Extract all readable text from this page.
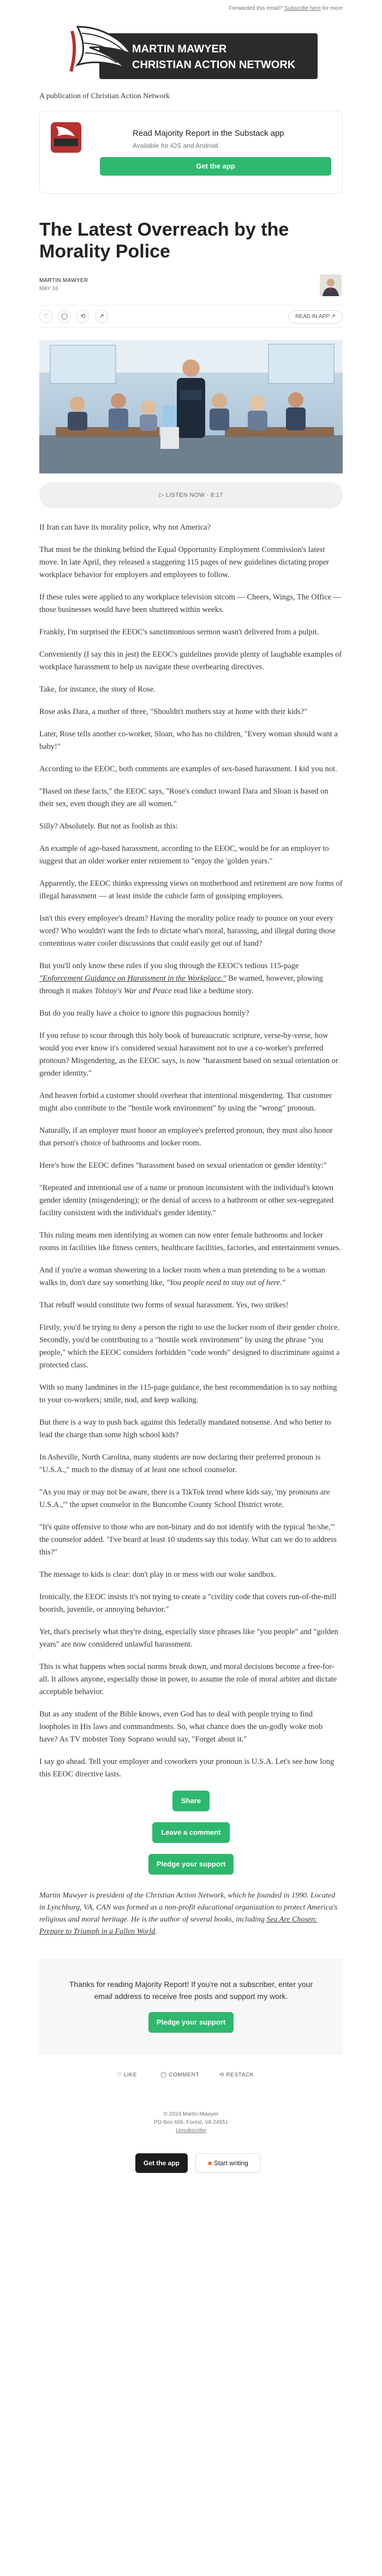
Forwarded this email? Subscribe here for more
MARTIN MAWYER
CHRISTIAN ACTION NETWORK
A publication of Christian Action Network
Read Majority Report in the Substack app
Available for iOS and Android
Get the app
The Latest Overreach by the Morality Police
MARTIN MAWYER
MAY 16
♡	◯	⟲	↗	READ IN APP ↗
▷ LISTEN NOW · 8:17

If Iran can have its morality police, why not America?

That must be the thinking behind the Equal Opportunity Employment Commission's latest move. In late April, they released a staggering 115 pages of new guidelines dictating proper workplace behavior for employers and employees to follow.

If these rules were applied to any workplace television sitcom — Cheers, Wings, The Office —those businesses would have been shuttered within weeks.

Frankly, I'm surprised the EEOC's sanctimonious sermon wasn't delivered from a pulpit.

Conveniently (I say this in jest) the EEOC's guidelines provide plenty of laughable examples of workplace harassment to help us navigate these overbearing directives.

Take, for instance, the story of Rose.

Rose asks Dara, a mother of three, "Shouldn't mothers stay at home with their kids?"

Later, Rose tells another co-worker, Sloan, who has no children, "Every woman should want a baby!"

According to the EEOC, both comments are examples of sex-based harassment. I kid you not.

"Based on these facts," the EEOC says, "Rose's conduct toward Dara and Sloan is based on their sex, even though they are all women."

Silly? Absolutely. But not as foolish as this:

An example of age-based harassment, according to the EEOC, would be for an employer to suggest that an older worker enter retirement to "enjoy the 'golden years."

Apparently, the EEOC thinks expressing views on motherhood and retirement are now forms of illegal harassment — at least inside the cubicle farm of gossiping employees.

Isn't this every employee's dream? Having the morality police ready to pounce on your every word? Who wouldn't want the feds to dictate what's moral, harassing, and illegal during those contentious water cooler discussions that could easily get out of hand?

But you'll only know these rules if you slog through the EEOC's tedious 115-page "Enforcement Guidance on Harassment in the Workplace." Be warned, however, plowing through it makes Tolstoy's War and Peace read like a bedtime story.

But do you really have a choice to ignore this pugnacious homily?

If you refuse to scour through this holy book of bureaucratic scripture, verse-by-verse, how would you ever know it's considered sexual harassment not to use a co-worker's preferred pronoun? Misgendering, as the EEOC says, is now "harassment based on sexual orientation or gender identity."

And heaven forbid a customer should overhear that intentional misgendering. That customer might also contribute to the "hostile work environment" by using the "wrong" pronoun.

Naturally, if an employer must honor an employee's preferred pronoun, they must also honor that person's choice of bathrooms and locker room.

Here's how the EEOC defines "harassment based on sexual orientation or gender identity:"

"Repeated and intentional use of a name or pronoun inconsistent with the individual's known gender identity (misgendering); or the denial of access to a bathroom or other sex-segregated facility consistent with the individual's gender identity."

This ruling means men identifying as women can now enter female bathrooms and locker rooms in facilities like fitness centers, healthcare facilities, factories, and entertainment venues.

And if you're a woman showering in a locker room when a man pretending to be a woman walks in, don't dare say something like, "You people need to stay out of here."

That rebuff would constitute two forms of sexual harassment. Yes, two strikes!

Firstly, you'd be trying to deny a person the right to use the locker room of their gender choice. Secondly, you'd be contributing to a "hostile work environment" by using the phrase "you people," which the EEOC considers forbidden "code words" designed to discriminate against a protected class.

With so many landmines in the 115-page guidance, the best recommendation is to say nothing to your co-workers; smile, nod, and keep walking.

But there is a way to push back against this federally mandated nonsense. And who better to lead the charge than some high school kids?

In Asheville, North Carolina, many students are now declaring their preferred pronoun is "U.S.A.," much to the dismay of at least one school counselor.

"As you may or may not be aware, there is a TikTok trend where kids say, 'my pronouns are U.S.A.,'" the upset counselor in the Buncombe County School District wrote.

"It's quite offensive to those who are non-binary and do not identify with the typical 'he/she,'" the counselor added. "I've heard at least 10 students say this today. What can we do to address this?"

The message to kids is clear: don't play in or mess with our woke sandbox.

Ironically, the EEOC insists it's not trying to create a "civility code that covers run-of-the-mill boorish, juvenile, or annoying behavior."

Yet, that's precisely what they're doing, especially since phrases like "you people" and "golden years" are now considered unlawful harassment.

This is what happens when social norms break down, and moral decisions become a free-for-all. It allows anyone, especially those in power, to assume the role of moral arbiter and dictate acceptable behavior.

But as any student of the Bible knows, even God has to deal with people trying to find loopholes in His laws and commandments. So, what chance does the un-godly woke mob have? As TV mobster Tony Soprano would say, "Forget about it."

I say go ahead. Tell your employer and coworkers your pronoun is U.S.A. Let's see how long this EEOC directive lasts.

Share
Leave a comment
Pledge your support

Martin Mawyer is president of the Christian Action Network, which he founded in 1990. Located in Lynchburg, VA, CAN was formed as a non-profit educational organization to protect America's religious and moral heritage. He is the author of several books, including Sea Are Chosen: Prepare to Triumph in a Fallen World.

Thanks for reading Majority Report! If you're not a subscriber, enter your email address to receive free posts and support my work.
Pledge your support
♡ LIKE	◯ COMMENT	⟲ RESTACK
© 2024 Martin Mawyer
PO Box 606, Forest, VA 24551
Unsubscribe
Get the app	■ Start writing
